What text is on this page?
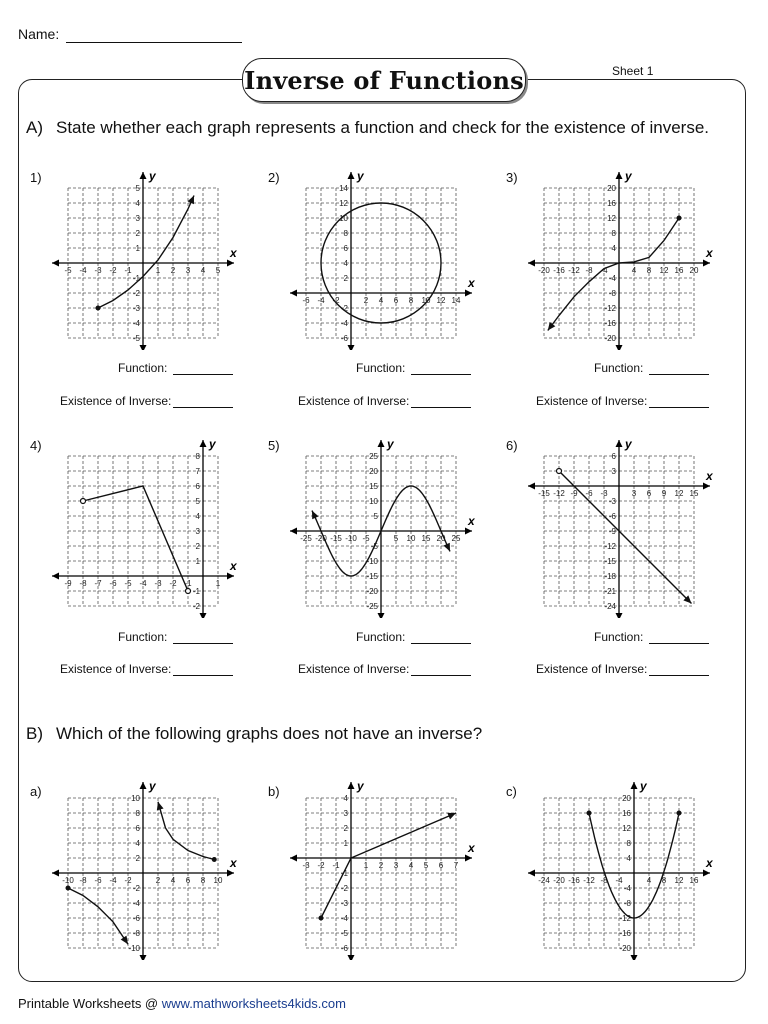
Name:
Inverse of Functions	Sheet 1
A) State whether each graph represents a function and check for the existence of inverse.
B) Which of the following graphs does not have an inverse?
1)	2)	3)
4)	5)	6)
a)	b)	c)
x
y
-5 -4 -3 -2 -1	1 2 3 4 5
5
4
3
2
1
-1
-2
-3
-4
-5
x
y
-6 -4 -2	2 4 6 8 10 12 14
14
12
10
8
6
4
2
-2
-4
-6
x
y
-20 -16 -12 -8 -4	4 8 12 16 20
20
16
12
8
4
-4
-8
-12
-16
-20
x
y
-9 -8 -7 -6 -5 -4 -3 -2 -1	1
8
7
6
5
4
3
2
1
-1
-2
x
y
-25 -20 -15 -10 -5	5 10 15 20 25
25
20
15
10
5
-5
-10
-15
-20
-25
x
y
-15 -12 -9 -6 -3	3 6 9 12 15
6
3
-3
-6
-9
-12
-15
-18
-21
-24
x
y
-10 -8 -6 -4 -2	2 4 6 8 10
10
8
6
4
2
-2
-4
-6
-8
-10
x
y
-3 -2 -1	1 2 3 4 5 6 7
4
3
2
1
-1
-2
-3
-4
-5
-6
x
y
-24 -20 -16 -12 -8 -4	4 8 12 16
20
16
12
8
4
-4
-8
-12
-16
-20
Function:
Existence of Inverse:
Function:
Existence of Inverse:
Function:
Existence of Inverse:
Function:
Existence of Inverse:
Function:
Existence of Inverse:
Function:
Existence of Inverse:
Printable Worksheets @ www.mathworksheets4kids.com
